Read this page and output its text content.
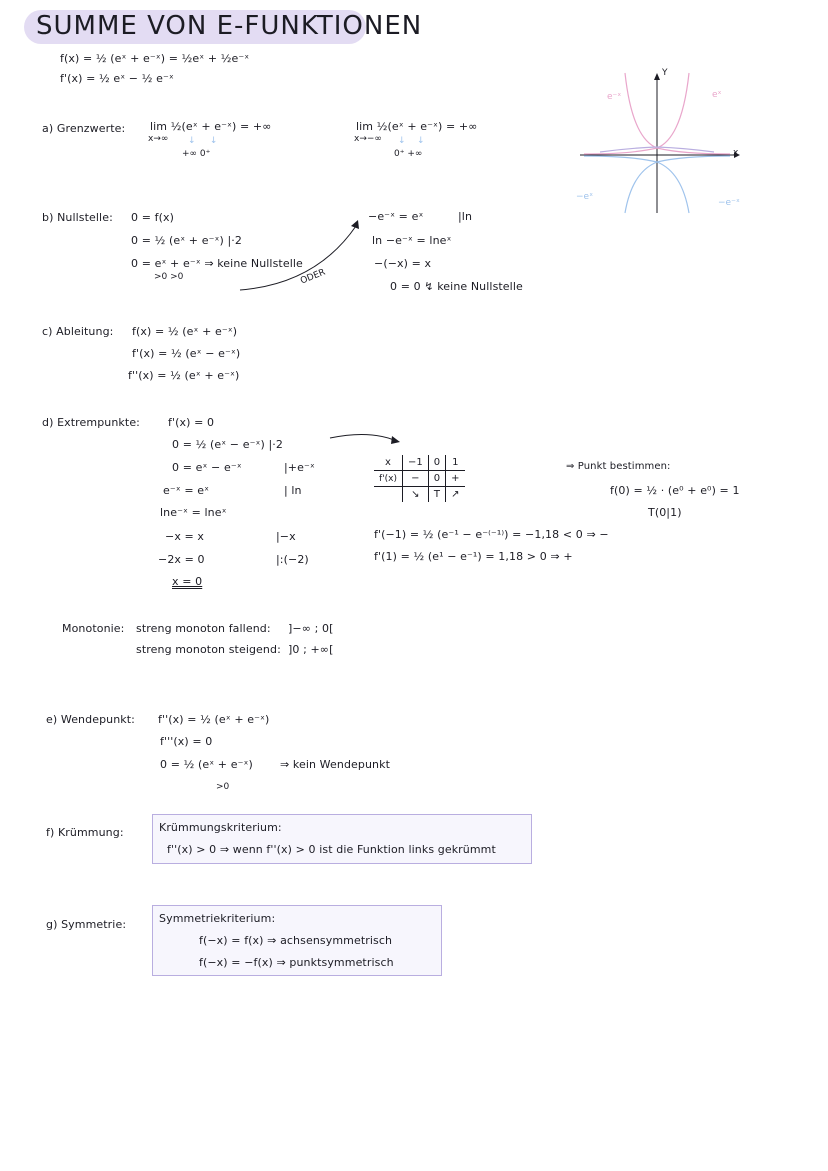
SUMME VON E-FUNKTIONEN
f(x) = ½ (eˣ + e⁻ˣ) = ½eˣ + ½e⁻ˣ
f'(x) = ½ eˣ − ½ e⁻ˣ	Y
x
e⁻ˣ	eˣ
−eˣ
−e⁻ˣ
a) Grenzwerte: lim ½(eˣ + e⁻ˣ) = +∞
x→∞ ↓     ↓
+∞ 0⁺
lim ½(eˣ + e⁻ˣ) = +∞
x→−∞ ↓    ↓
0⁺ +∞
b) Nullstelle: 0 = f(x)
0 = ½ (eˣ + e⁻ˣ) |·2
0 = eˣ + e⁻ˣ ⇒ keine Nullstelle
>0 >0	ODER
−e⁻ˣ = eˣ	|ln
ln −e⁻ˣ = lneˣ
−(−x) = x
0 = 0 ↯ keine Nullstelle
c) Ableitung: f(x) = ½ (eˣ + e⁻ˣ)
f'(x) = ½ (eˣ − e⁻ˣ)
f''(x) = ½ (eˣ + e⁻ˣ)
d) Extrempunkte:	f'(x) = 0
0 = ½ (eˣ − e⁻ˣ) |·2
0 = eˣ − e⁻ˣ	|+e⁻ˣ
e⁻ˣ = eˣ	| ln
lne⁻ˣ = lneˣ
−x = x	|−x
−2x = 0	|:(−2)
x = 0
x	−1	0	1
f'(x)	−	0	+
	↘	T	↗
f'(−1) = ½ (e⁻¹ − e⁻⁽⁻¹⁾) = −1,18 < 0 ⇒ −
f'(1) = ½ (e¹ − e⁻¹) = 1,18 > 0 ⇒ +
⇒ Punkt bestimmen:
f(0) = ½ · (e⁰ + e⁰) = 1
T(0|1)
Monotonie: streng monoton fallend: ]−∞ ; 0[
streng monoton steigend: ]0 ; +∞[
e) Wendepunkt: f''(x) = ½ (eˣ + e⁻ˣ)
f'''(x) = 0
0 = ½ (eˣ + e⁻ˣ)
>0
⇒ kein Wendepunkt
f) Krümmung:	Krümmungskriterium:
f''(x) > 0 ⇒ wenn f''(x) > 0 ist die Funktion links gekrümmt
g) Symmetrie:	Symmetriekriterium:
f(−x) = f(x) ⇒ achsensymmetrisch
f(−x) = −f(x) ⇒ punktsymmetrisch
